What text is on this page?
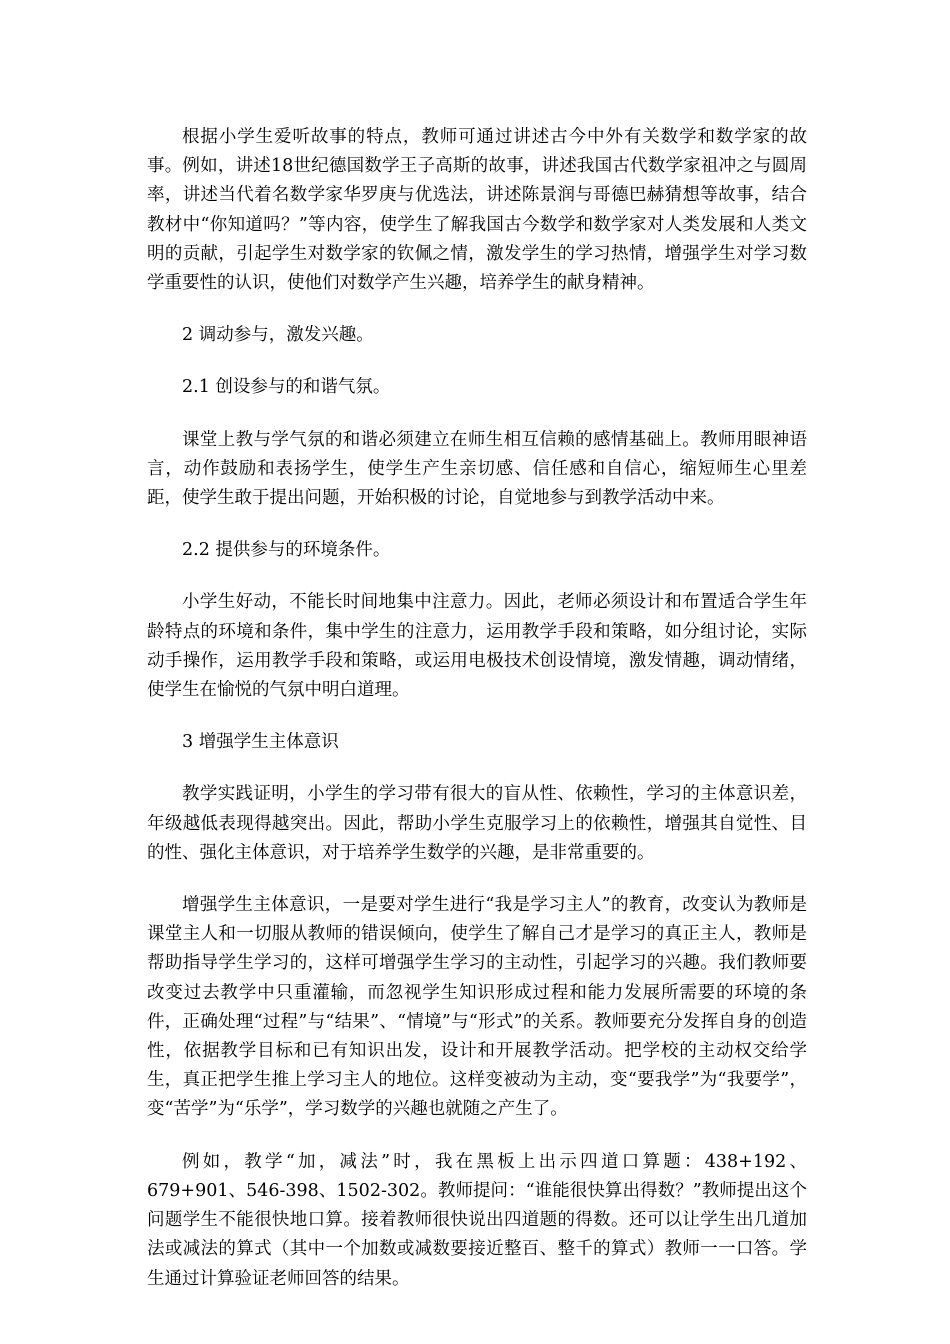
根据小学生爱听故事的特点，教师可通过讲述古今中外有关数学和数学家的故事。例如，讲述18世纪德国数学王子高斯的故事，讲述我国古代数学家祖冲之与圆周率，讲述当代着名数学家华罗庚与优选法，讲述陈景润与哥德巴赫猜想等故事，结合教材中“你知道吗？”等内容，使学生了解我国古今数学和数学家对人类发展和人类文明的贡献，引起学生对数学家的钦佩之情，激发学生的学习热情，增强学生对学习数学重要性的认识，使他们对数学产生兴趣，培养学生的献身精神。

2 调动参与，激发兴趣。

2.1 创设参与的和谐气氛。

课堂上教与学气氛的和谐必须建立在师生相互信赖的感情基础上。教师用眼神语言，动作鼓励和表扬学生，使学生产生亲切感、信任感和自信心，缩短师生心里差距，使学生敢于提出问题，开始积极的讨论，自觉地参与到教学活动中来。

2.2 提供参与的环境条件。

小学生好动，不能长时间地集中注意力。因此，老师必须设计和布置适合学生年龄特点的环境和条件，集中学生的注意力，运用教学手段和策略，如分组讨论，实际动手操作，运用教学手段和策略，或运用电极技术创设情境，激发情趣，调动情绪，使学生在愉悦的气氛中明白道理。

3 增强学生主体意识

教学实践证明，小学生的学习带有很大的盲从性、依赖性，学习的主体意识差，年级越低表现得越突出。因此，帮助小学生克服学习上的依赖性，增强其自觉性、目的性、强化主体意识，对于培养学生数学的兴趣，是非常重要的。

增强学生主体意识，一是要对学生进行“我是学习主人”的教育，改变认为教师是课堂主人和一切服从教师的错误倾向，使学生了解自己才是学习的真正主人，教师是帮助指导学生学习的，这样可增强学生学习的主动性，引起学习的兴趣。我们教师要改变过去教学中只重灌输，而忽视学生知识形成过程和能力发展所需要的环境的条件，正确处理“过程”与“结果”、“情境”与“形式”的关系。教师要充分发挥自身的创造性，依据教学目标和已有知识出发，设计和开展教学活动。把学校的主动权交给学生，真正把学生推上学习主人的地位。这样变被动为主动，变“要我学”为“我要学”，变“苦学”为“乐学”，学习数学的兴趣也就随之产生了。

例如，教学“加，减法”时，我在黑板上出示四道口算题：438+192、679+901、546-398、1502-302。教师提问：“谁能很快算出得数？”教师提出这个问题学生不能很快地口算。接着教师很快说出四道题的得数。还可以让学生出几道加法或减法的算式（其中一个加数或减数要接近整百、整千的算式）教师一一口答。学生通过计算验证老师回答的结果。
